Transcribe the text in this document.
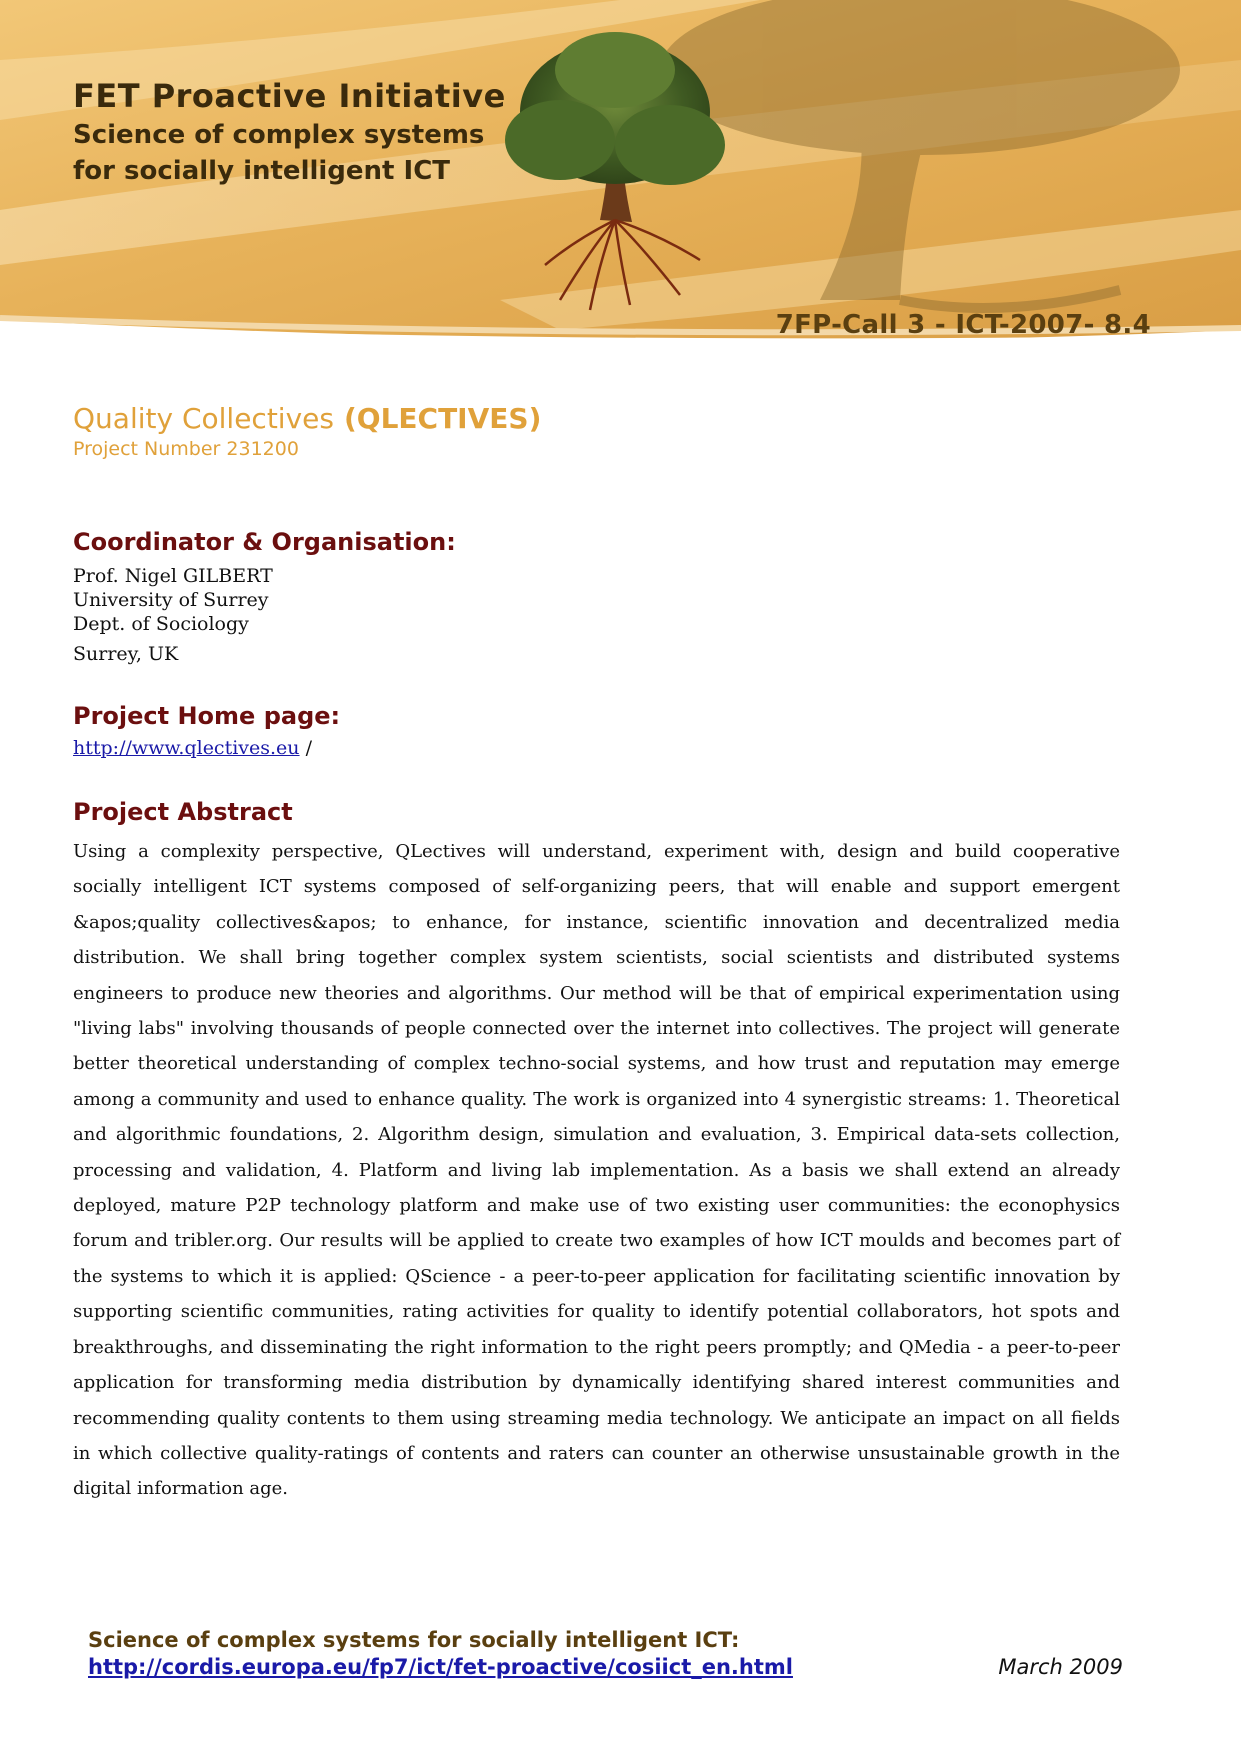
FET Proactive Initiative
Science of complex systems
for socially intelligent ICT
7FP-Call 3 - ICT-2007- 8.4
Quality Collectives (QLECTIVES)
Project Number 231200
Coordinator & Organisation:
Prof. Nigel GILBERT
University of Surrey
Dept. of Sociology
Surrey, UK
Project Home page:
http://www.qlectives.eu /
Project Abstract

Using a complexity perspective, QLectives will understand, experiment with, design and build cooperative socially intelligent ICT systems composed of self-organizing peers, that will enable and support emergent &apos;quality collectives&apos; to enhance, for instance, scientific innovation and decentralized media distribution. We shall bring together complex system scientists, social scientists and distributed systems engineers to produce new theories and algorithms. Our method will be that of empirical experimentation using "living labs" involving thousands of people connected over the internet into collectives. The project will generate better theoretical understanding of complex techno-social systems, and how trust and reputation may emerge among a community and used to enhance quality. The work is organized into 4 synergistic streams: 1. Theoretical and algorithmic foundations, 2. Algorithm design, simulation and evaluation, 3. Empirical data-sets collection, processing and validation, 4. Platform and living lab implementation. As a basis we shall extend an already deployed, mature P2P technology platform and make use of two existing user communities: the econophysics forum and tribler.org. Our results will be applied to create two examples of how ICT moulds and becomes part of the systems to which it is applied: QScience - a peer-to-peer application for facilitating scientific innovation by supporting scientific communities, rating activities for quality to identify potential collaborators, hot spots and breakthroughs, and disseminating the right information to the right peers promptly; and QMedia - a peer-to-peer application for transforming media distribution by dynamically identifying shared interest communities and recommending quality contents to them using streaming media technology. We anticipate an impact on all fields in which collective quality-ratings of contents and raters can counter an otherwise unsustainable growth in the digital information age.

Science of complex systems for socially intelligent ICT:
http://cordis.europa.eu/fp7/ict/fet-proactive/cosiict_en.html	March 2009
